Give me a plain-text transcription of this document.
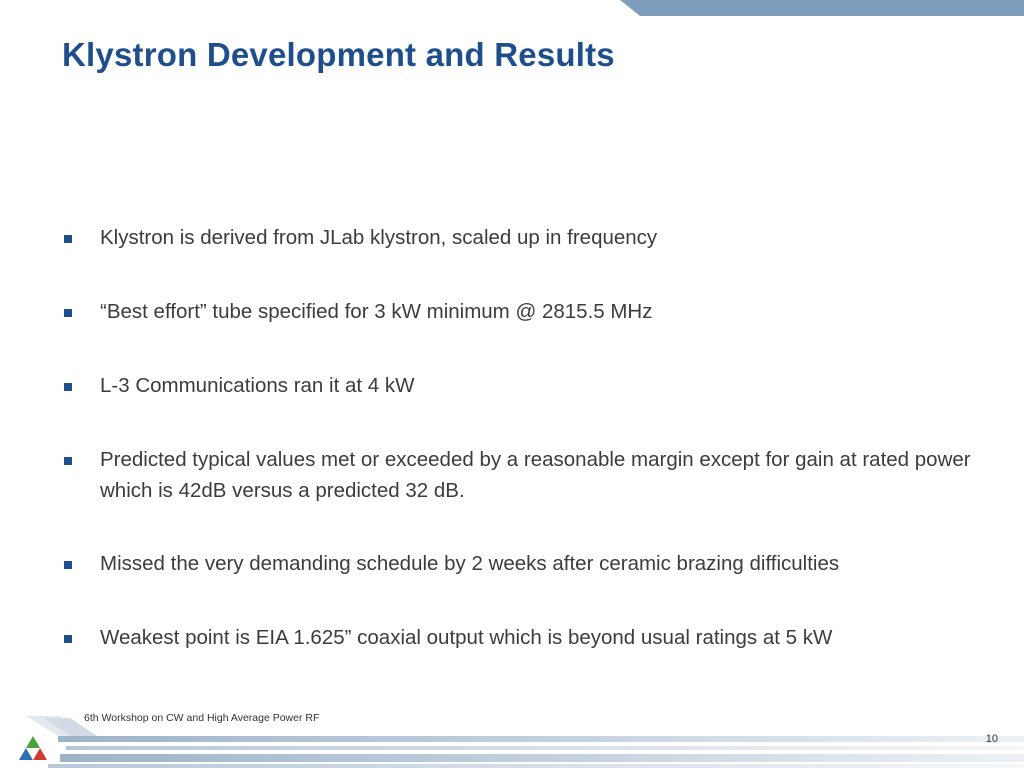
Klystron Development and Results
Klystron is derived from JLab klystron, scaled up in frequency
“Best effort” tube specified for 3 kW minimum @ 2815.5 MHz
L-3 Communications ran it at 4 kW
Predicted typical values met or exceeded by a reasonable margin except for gain at rated power which is 42dB versus a predicted 32 dB.
Missed the very demanding schedule by 2 weeks after ceramic brazing difficulties
Weakest point is EIA 1.625” coaxial output which is beyond usual ratings at 5 kW
6th Workshop on CW and High Average Power RF
10
